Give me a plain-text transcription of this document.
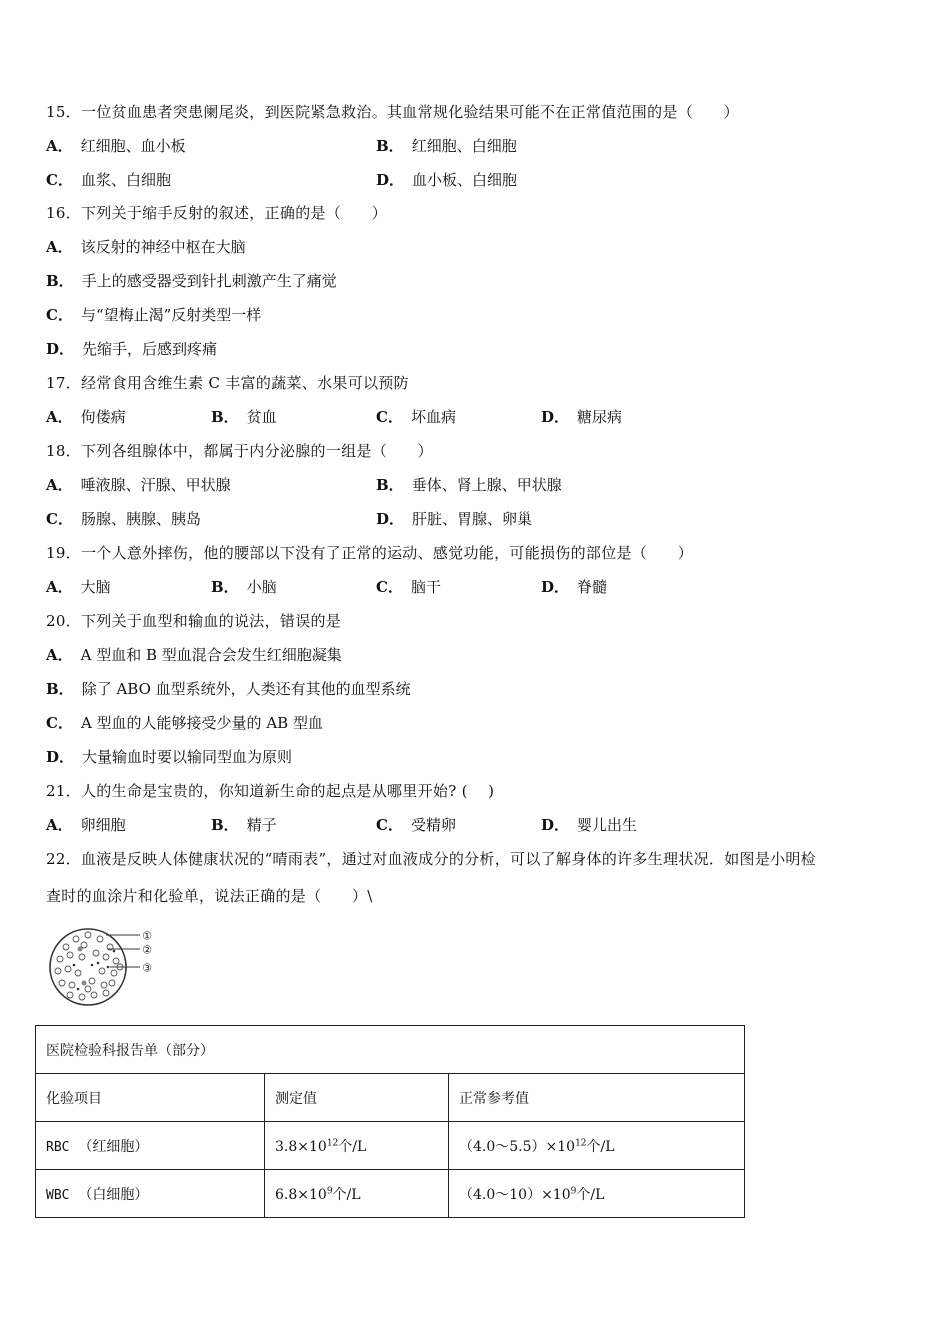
15．一位贫血患者突患阑尾炎，到医院紧急救治。其血常规化验结果可能不在正常值范围的是（　　）
A． 红细胞、血小板	B． 红细胞、白细胞
C． 血浆、白细胞	D． 血小板、白细胞
16．下列关于缩手反射的叙述，正确的是（　　）
A． 该反射的神经中枢在大脑
B． 手上的感受器受到针扎刺激产生了痛觉
C． 与“望梅止渴”反射类型一样
D． 先缩手，后感到疼痛
17．经常食用含维生素 C 丰富的蔬菜、水果可以预防
A． 佝偻病	B． 贫血	C． 坏血病	D． 糖尿病
18．下列各组腺体中，都属于内分泌腺的一组是（　　）
A． 唾液腺、汗腺、甲状腺	B． 垂体、肾上腺、甲状腺
C． 肠腺、胰腺、胰岛	D． 肝脏、胃腺、卵巢
19．一个人意外摔伤，他的腰部以下没有了正常的运动、感觉功能，可能损伤的部位是（　　）
A． 大脑	B． 小脑	C． 脑干	D． 脊髓
20．下列关于血型和输血的说法，错误的是
A． A 型血和 B 型血混合会发生红细胞凝集
B． 除了 ABO 血型系统外，人类还有其他的血型系统
C． A 型血的人能够接受少量的 AB 型血
D． 大量输血时要以输同型血为原则
21．人的生命是宝贵的，你知道新生命的起点是从哪里开始? (　 )
A． 卵细胞	B． 精子	C． 受精卵	D． 婴儿出生
22．血液是反映人体健康状况的“晴雨表”，通过对血液成分的分析，可以了解身体的许多生理状况．如图是小明检
查时的血涂片和化验单，说法正确的是（　　）\
①
②
③
医院检验科报告单（部分）		
化验项目	测定值	正常参考值
RBC （红细胞）	$3.8\times 10^{12}$个/L	$(4.0\sim 5.5)\times 10^{12}$个/L
WBC （白细胞）	$6.8\times 10^9$个/L	$(4.0\sim 10)\times 10^9$个/L
